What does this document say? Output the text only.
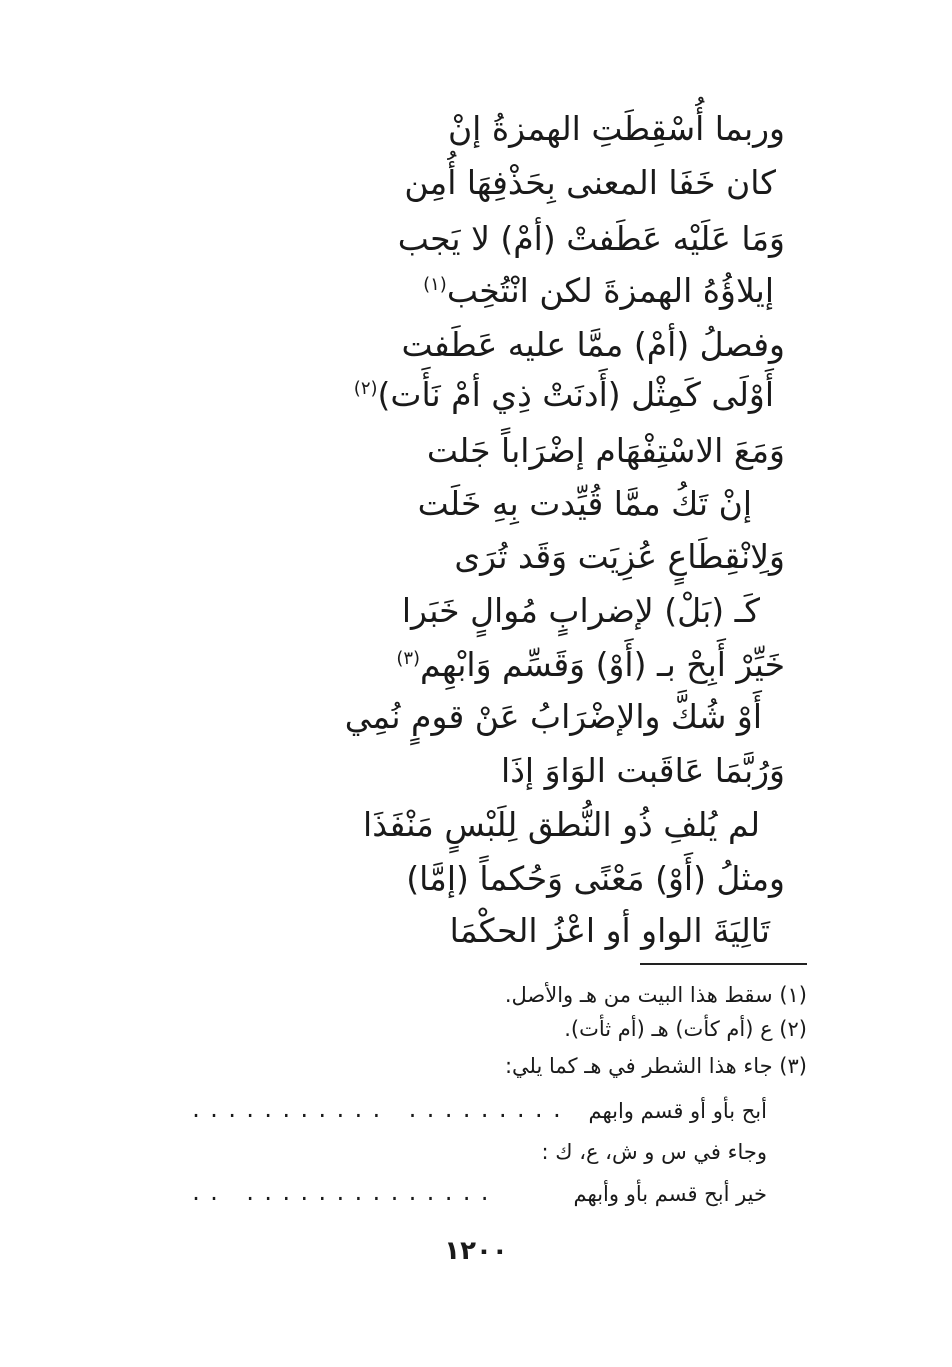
وربما أُسْقِطَتِ الهمزةُ إنْ
كان خَفَا المعنى بِحَذْفِهَا أُمِن
وَمَا عَلَيْه عَطَفتْ (أمْ) لا يَجب
إيلاؤُهُ الهمزةَ لكن انْتُخِب$^{(١)}$
وفصلُ (أمْ) ممَّا عليه عَطَفت
أَوْلَى كَمِثْل (أَدنَتْ ذِي أمْ نَأَت)$^{(٢)}$
وَمَعَ الاسْتِفْهَام إضْرَاباً جَلت
إنْ تَكُ ممَّا قُيِّدت بِهِ خَلَت
وَلِانْقِطَاعٍ عُزِيَت وَقَد تُرَى
كَـ (بَلْ) لإضرابٍ مُوالٍ خَبَرا
خَيِّرْ أَبِحْ بـ (أَوْ) وَقَسِّم وَابْهِم$^{(٣)}$
أَوْ شُكَّ والإضْرَابُ عَنْ قومٍ نُمِي
وَرُبَّمَا عَاقَبت الوَاوَ إذَا
لم يُلفِ ذُو النُّطق لِلَبْسٍ مَنْفَذَا
ومثلُ (أَوْ) مَعْنًى وَحُكماً (إمَّا)
تَالِيَةَ الواو أو اعْزُ الحكْمَا
(١) سقط هذا البيت من هـ والأصل.
(٢) ع (أم كأت) هـ (أم ثأت).
(٣) جاء هذا الشطر في هـ كما يلي:
أبح بأو أو قسم وابهم
........... .........
وجاء في س و ش، ع، ك :
خير أبح قسم بأو وأبهم
.. ..............
١٢٠٠
